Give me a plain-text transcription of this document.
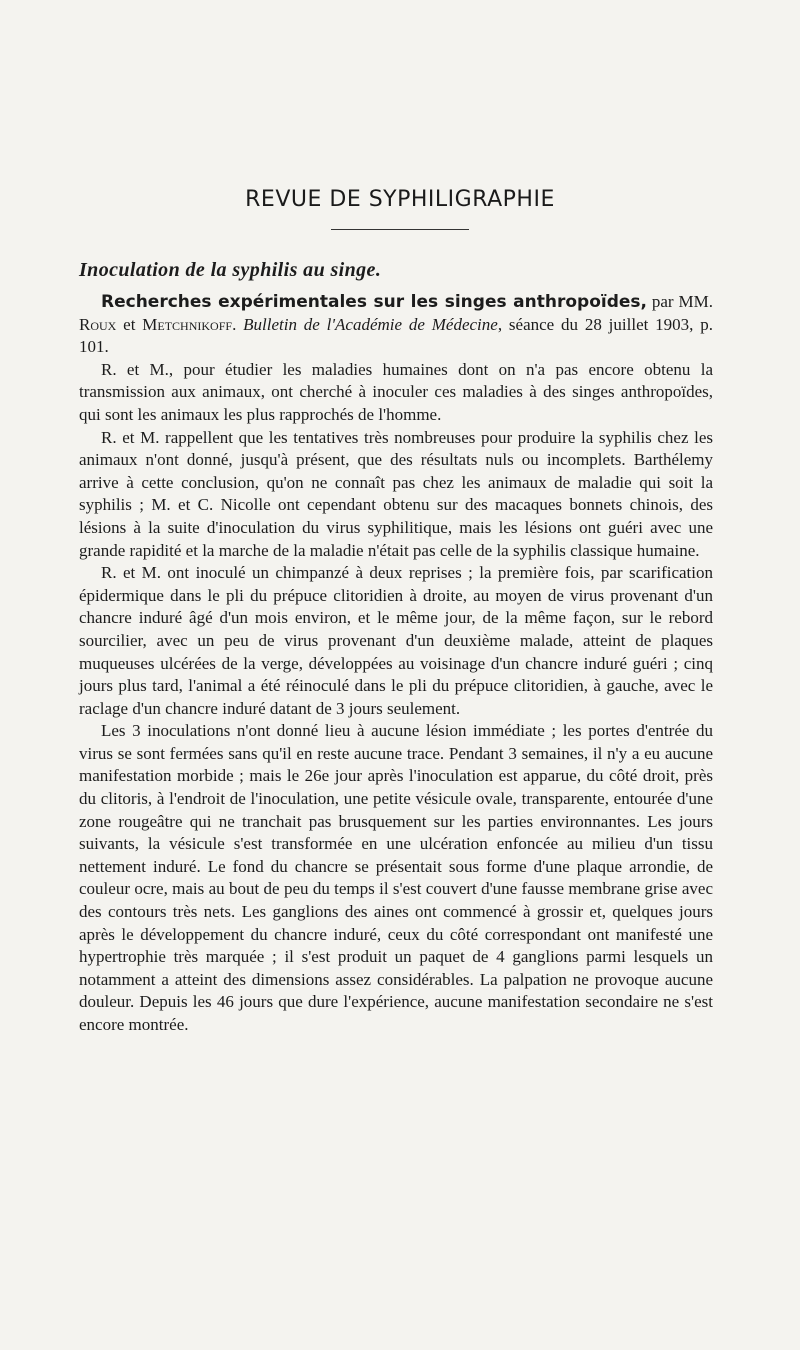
REVUE DE SYPHILIGRAPHIE
Inoculation de la syphilis au singe.

Recherches expérimentales sur les singes anthropoïdes, par MM. Roux et Metchnikoff. Bulletin de l'Académie de Médecine, séance du 28 juillet 1903, p. 101.

R. et M., pour étudier les maladies humaines dont on n'a pas encore obtenu la transmission aux animaux, ont cherché à inoculer ces maladies à des singes anthropoïdes, qui sont les animaux les plus rapprochés de l'homme.

R. et M. rappellent que les tentatives très nombreuses pour produire la syphilis chez les animaux n'ont donné, jusqu'à présent, que des résultats nuls ou incomplets. Barthélemy arrive à cette conclusion, qu'on ne connaît pas chez les animaux de maladie qui soit la syphilis ; M. et C. Nicolle ont cependant obtenu sur des macaques bonnets chinois, des lésions à la suite d'inoculation du virus syphilitique, mais les lésions ont guéri avec une grande rapidité et la marche de la maladie n'était pas celle de la syphilis classique humaine.

R. et M. ont inoculé un chimpanzé à deux reprises ; la première fois, par scarification épidermique dans le pli du prépuce clitoridien à droite, au moyen de virus provenant d'un chancre induré âgé d'un mois environ, et le même jour, de la même façon, sur le rebord sourcilier, avec un peu de virus provenant d'un deuxième malade, atteint de plaques muqueuses ulcérées de la verge, développées au voisinage d'un chancre induré guéri ; cinq jours plus tard, l'animal a été réinoculé dans le pli du prépuce clitoridien, à gauche, avec le raclage d'un chancre induré datant de 3 jours seulement.

Les 3 inoculations n'ont donné lieu à aucune lésion immédiate ; les portes d'entrée du virus se sont fermées sans qu'il en reste aucune trace. Pendant 3 semaines, il n'y a eu aucune manifestation morbide ; mais le 26e jour après l'inoculation est apparue, du côté droit, près du clitoris, à l'endroit de l'inoculation, une petite vésicule ovale, transparente, entourée d'une zone rougeâtre qui ne tranchait pas brusquement sur les parties environnantes. Les jours suivants, la vésicule s'est transformée en une ulcération enfoncée au milieu d'un tissu nettement induré. Le fond du chancre se présentait sous forme d'une plaque arrondie, de couleur ocre, mais au bout de peu du temps il s'est couvert d'une fausse membrane grise avec des contours très nets. Les ganglions des aines ont commencé à grossir et, quelques jours après le développement du chancre induré, ceux du côté correspondant ont manifesté une hypertrophie très marquée ; il s'est produit un paquet de 4 ganglions parmi lesquels un notamment a atteint des dimensions assez considérables. La palpation ne provoque aucune douleur. Depuis les 46 jours que dure l'expérience, aucune manifestation secondaire ne s'est encore montrée.
